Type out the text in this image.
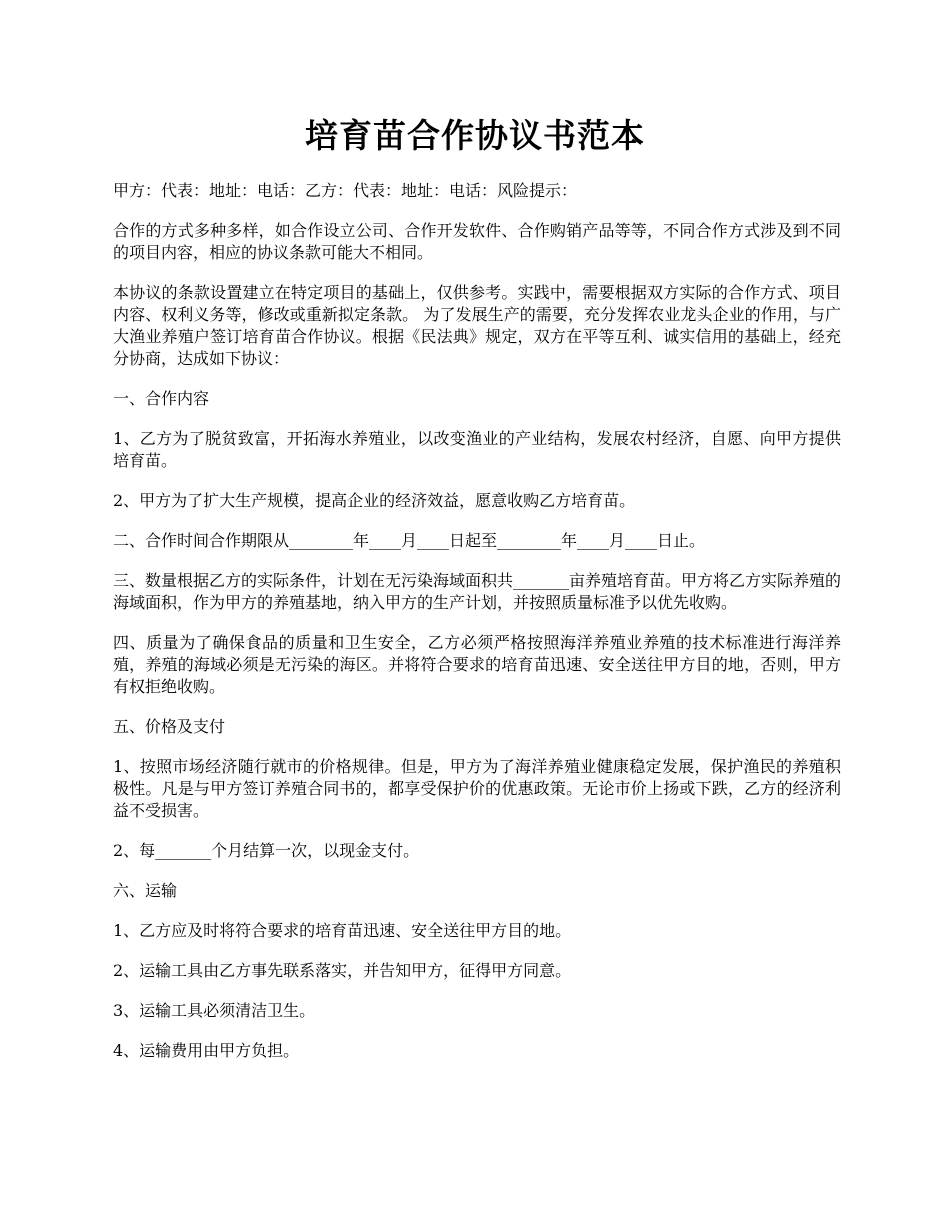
培育苗合作协议书范本

甲方：代表：地址：电话：乙方：代表：地址：电话：风险提示：

合作的方式多种多样，如合作设立公司、合作开发软件、合作购销产品等等，不同合作方式涉及到不同的项目内容，相应的协议条款可能大不相同。

本协议的条款设置建立在特定项目的基础上，仅供参考。实践中，需要根据双方实际的合作方式、项目内容、权利义务等，修改或重新拟定条款。 为了发展生产的需要，充分发挥农业龙头企业的作用，与广大渔业养殖户签订培育苗合作协议。根据《民法典》规定，双方在平等互利、诚实信用的基础上，经充分协商，达成如下协议：

一、合作内容

1、乙方为了脱贫致富，开拓海水养殖业，以改变渔业的产业结构，发展农村经济，自愿、向甲方提供培育苗。

2、甲方为了扩大生产规模，提高企业的经济效益，愿意收购乙方培育苗。

二、合作时间合作期限从________年____月____日起至________年____月____日止。

三、数量根据乙方的实际条件，计划在无污染海域面积共_______亩养殖培育苗。甲方将乙方实际养殖的海域面积，作为甲方的养殖基地，纳入甲方的生产计划，并按照质量标准予以优先收购。

四、质量为了确保食品的质量和卫生安全，乙方必须严格按照海洋养殖业养殖的技术标准进行海洋养殖，养殖的海域必须是无污染的海区。并将符合要求的培育苗迅速、安全送往甲方目的地，否则，甲方有权拒绝收购。

五、价格及支付

1、按照市场经济随行就市的价格规律。但是，甲方为了海洋养殖业健康稳定发展，保护渔民的养殖积极性。凡是与甲方签订养殖合同书的，都享受保护价的优惠政策。无论市价上扬或下跌，乙方的经济利益不受损害。

2、每_______个月结算一次，以现金支付。

六、运输

1、乙方应及时将符合要求的培育苗迅速、安全送往甲方目的地。

2、运输工具由乙方事先联系落实，并告知甲方，征得甲方同意。

3、运输工具必须清洁卫生。

4、运输费用由甲方负担。
